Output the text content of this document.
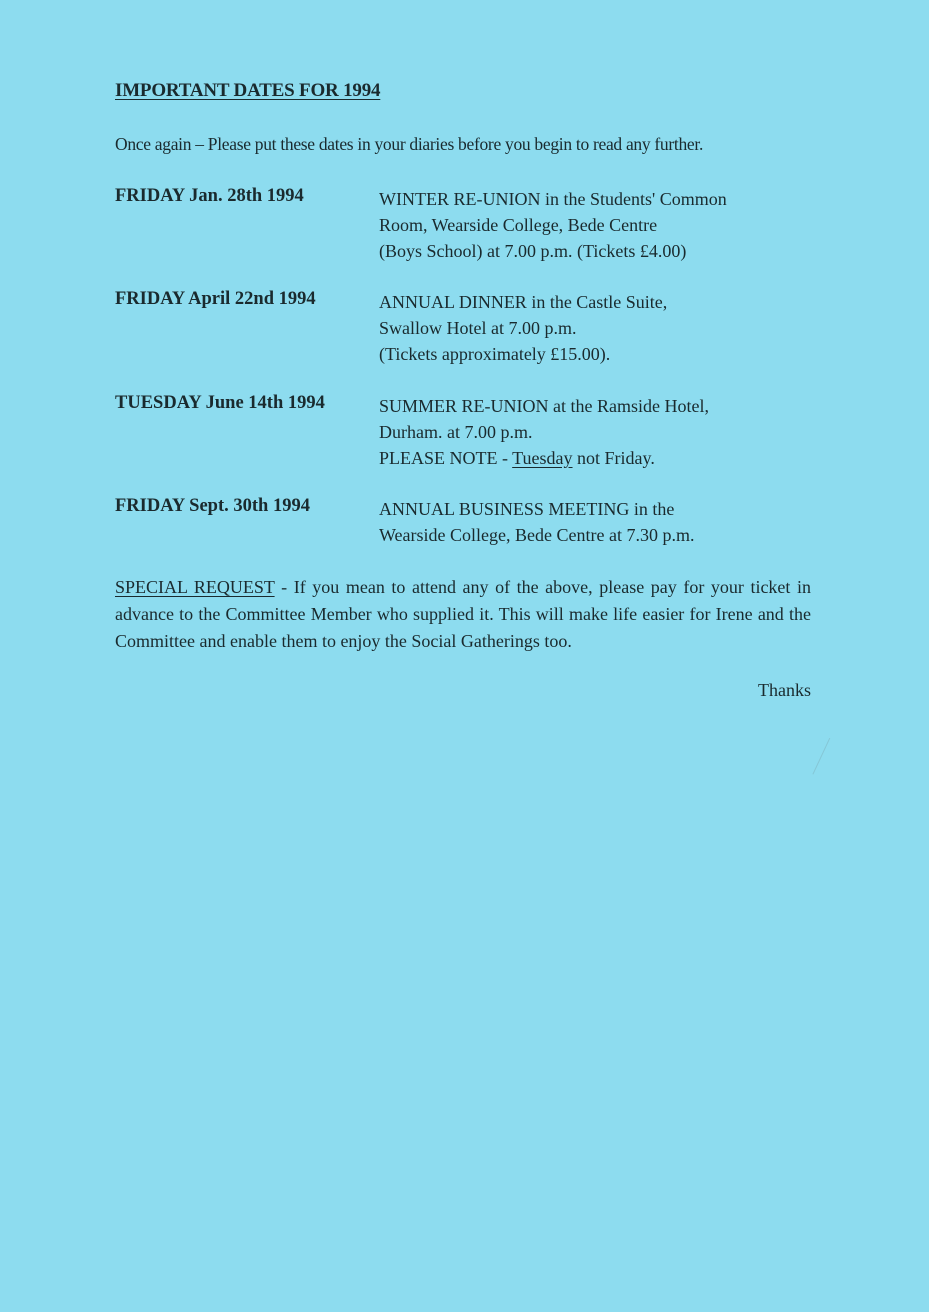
IMPORTANT DATES FOR 1994
Once again – Please put these dates in your diaries before you begin to read any further.
FRIDAY Jan. 28th 1994	WINTER RE-UNION in the Students' Common
Room, Wearside College, Bede Centre
(Boys School) at 7.00 p.m. (Tickets £4.00)
FRIDAY April 22nd 1994	ANNUAL DINNER in the Castle Suite,
Swallow Hotel at 7.00 p.m.
(Tickets approximately £15.00).
TUESDAY June 14th 1994	SUMMER RE-UNION at the Ramside Hotel,
Durham. at 7.00 p.m.
PLEASE NOTE - Tuesday not Friday.
FRIDAY Sept. 30th 1994	ANNUAL BUSINESS MEETING in the
Wearside College, Bede Centre at 7.30 p.m.
SPECIAL REQUEST - If you mean to attend any of the above, please pay for your ticket in advance to the Committee Member who supplied it. This will make life easier for Irene and the Committee and enable them to enjoy the Social Gatherings too.
Thanks
